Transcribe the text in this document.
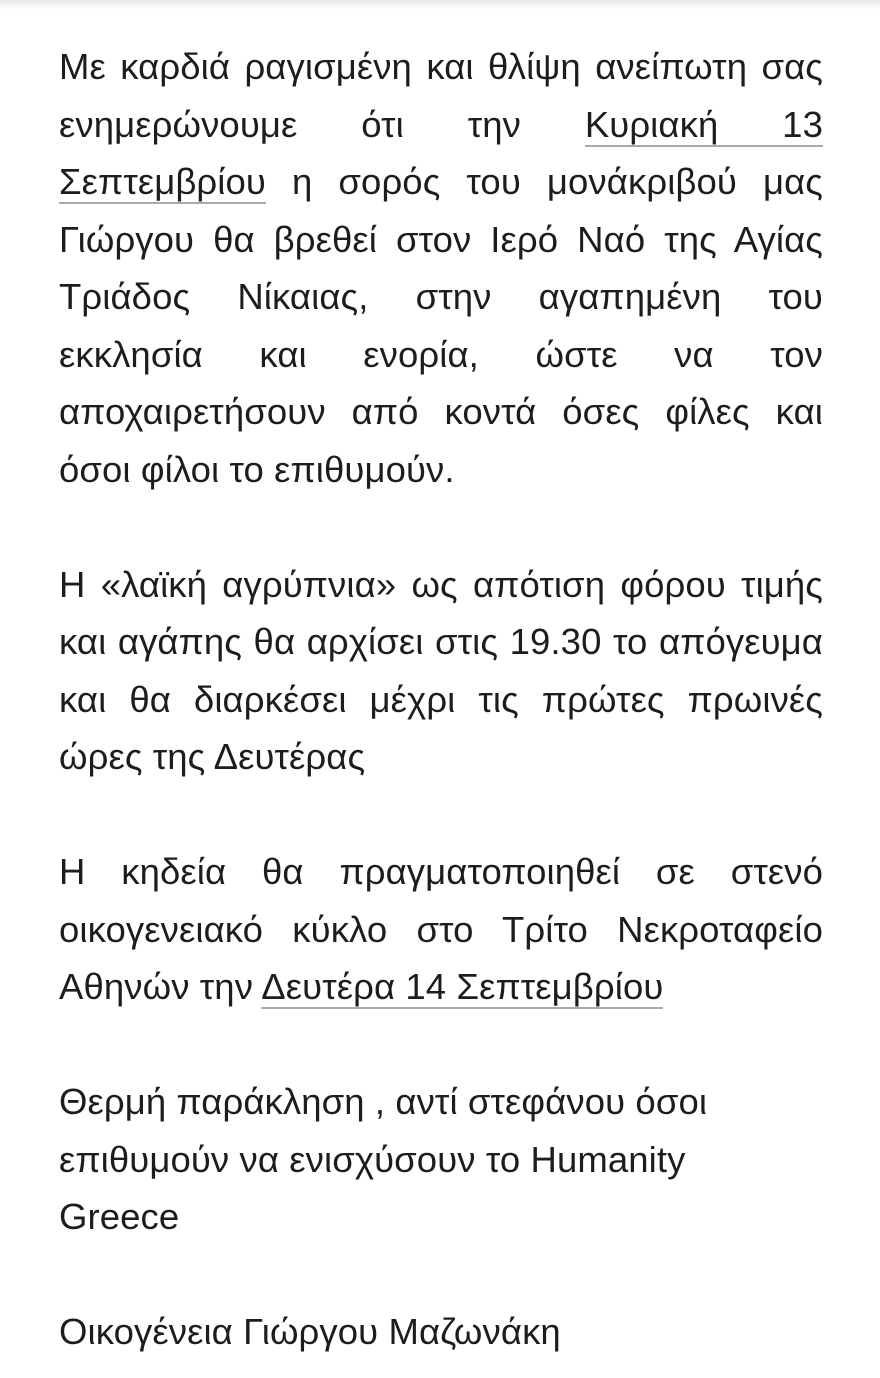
Με καρδιά ραγισμένη και θλίψη ανείπωτη σας ενημερώνουμε ότι την Κυριακή 13 Σεπτεμβρίου η σορός του μονάκριβού μας Γιώργου θα βρεθεί στον Ιερό Ναό της Αγίας Τριάδος Νίκαιας, στην αγαπημένη του εκκλησία και ενορία, ώστε να τον αποχαιρετήσουν από κοντά όσες φίλες και όσοι φίλοι το επιθυμούν.

Η «λαϊκή αγρύπνια» ως απότιση φόρου τιμής και αγάπης θα αρχίσει στις 19.30 το απόγευμα και θα διαρκέσει μέχρι τις πρώτες πρωινές ώρες της Δευτέρας

Η κηδεία θα πραγματοποιηθεί σε στενό οικογενειακό κύκλο στο Τρίτο Νεκροταφείο Αθηνών την Δευτέρα 14 Σεπτεμβρίου

Θερμή παράκληση , αντί στεφάνου όσοι
επιθυμούν να ενισχύσουν το Humanity
Greece

Οικογένεια Γιώργου Μαζωνάκη
